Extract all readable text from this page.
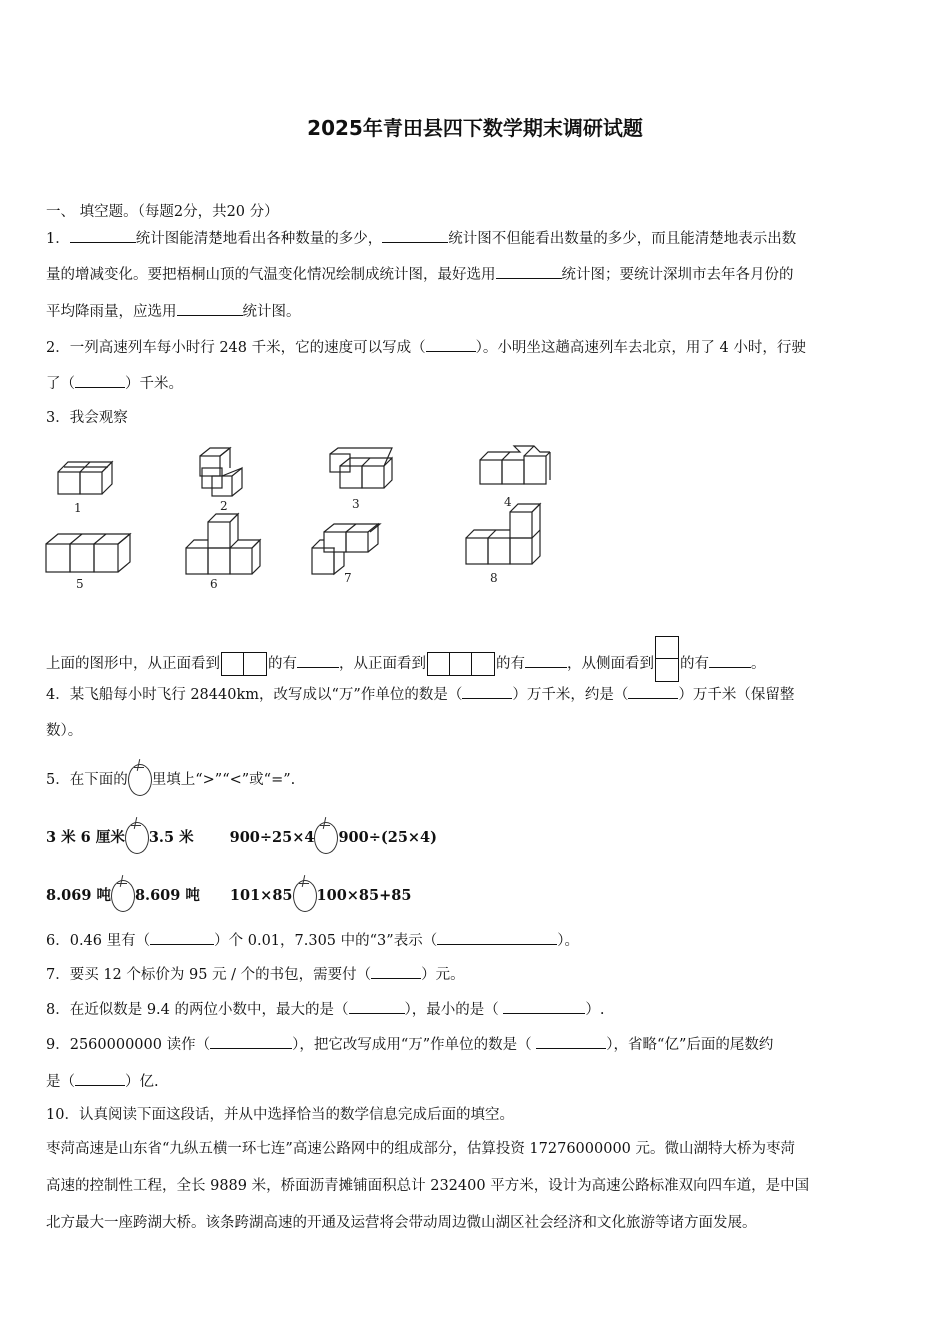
2025年青田县四下数学期末调研试题
一、 填空题。（每题2分，共20 分）
1．	统计图能清楚地看出各种数量的多少，	统计图不但能看出数量的多少，而且能清楚地表示出数
量的增减变化。要把梧桐山顶的气温变化情况绘制成统计图，最好选用	统计图；要统计深圳市去年各月份的
平均降雨量，应选用	统计图。
2．一列高速列车每小时行 248 千米，它的速度可以写成（	）。小明坐这趟高速列车去北京，用了 4 小时，行驶
了（	）千米。
3．我会观察
1	2	3	4
5	6	7	8
上面的图形中，从正面看到	的有	，从正面看到	的有	，从侧面看到 的有	。
4．某飞船每小时飞行 28440km，改写成以“万”作单位的数是（	）万千米，约是（	）万千米（保留整
数）。
5．在下面的 里填上“>”“<”或“=”.
3 米 6 厘米 3.5 米 900÷25×4 900÷(25×4)
8.069 吨 8.609 吨 101×85 100×85+85
6．0.46 里有（	）个 0.01，7.305 中的“3”表示（	）。
7．要买 12 个标价为 95 元 / 个的书包，需要付（	）元。
8．在近似数是 9.4 的两位小数中，最大的是（	），最小的是（	）.
9．2560000000 读作（	），把它改写成用“万”作单位的数是（	），省略“亿”后面的尾数约
是（	）亿.
10．认真阅读下面这段话，并从中选择恰当的数学信息完成后面的填空。
枣菏高速是山东省“九纵五横一环七连”高速公路网中的组成部分，估算投资 17276000000 元。微山湖特大桥为枣菏
高速的控制性工程，全长 9889 米，桥面沥青摊铺面积总计 232400 平方米，设计为高速公路标准双向四车道，是中国
北方最大一座跨湖大桥。该条跨湖高速的开通及运营将会带动周边微山湖区社会经济和文化旅游等诸方面发展。
